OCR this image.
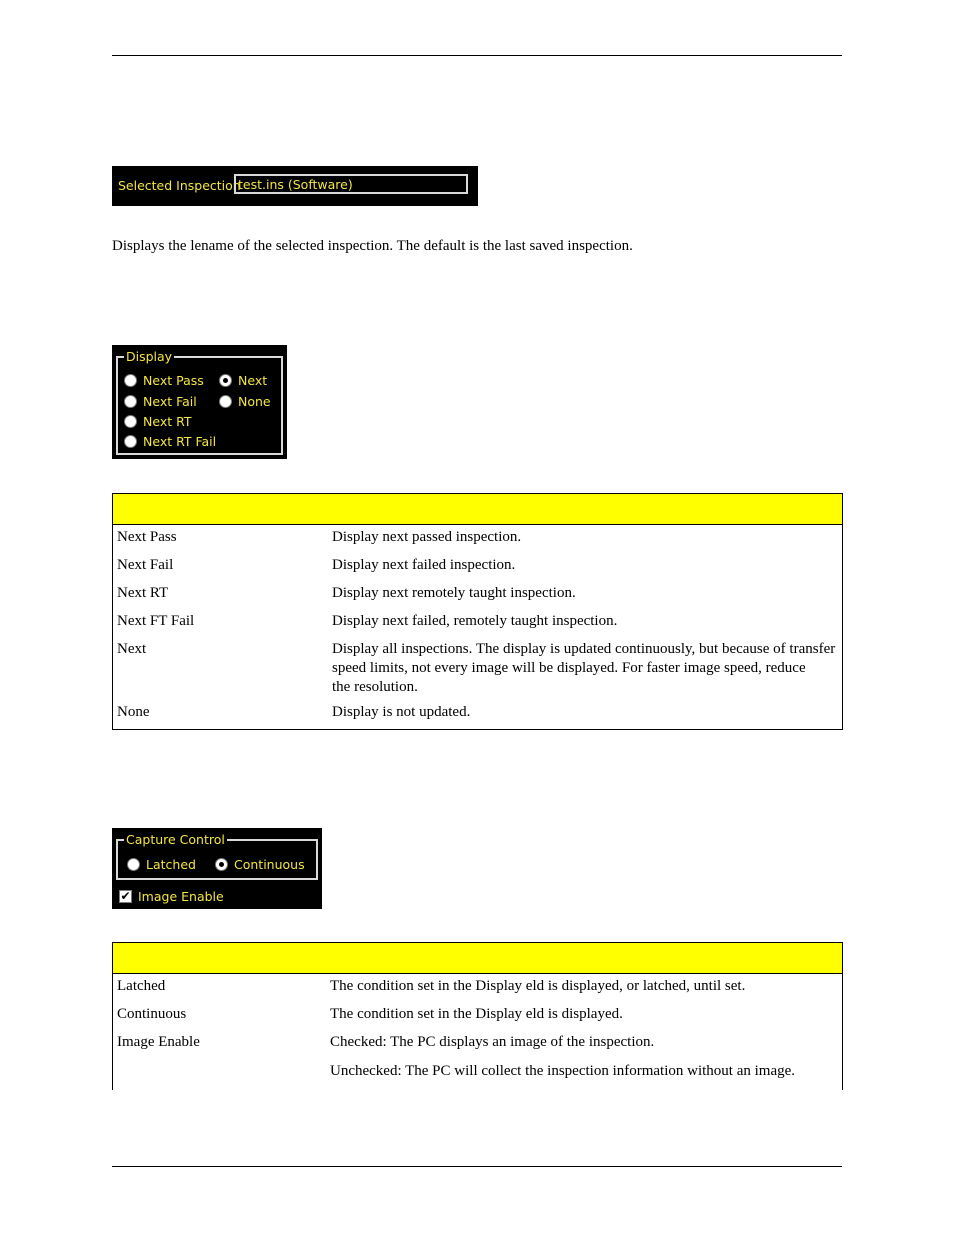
Selected Inspection
test.ins (Software)
Displays the lename of the selected inspection. The default is the last saved inspection.
Display
Next Pass
Next Fail
Next RT
Next RT Fail
Next
None
Next Pass	Display next passed inspection.
Next Fail	Display next failed inspection.
Next RT	Display next remotely taught inspection.
Next FT Fail	Display next failed, remotely taught inspection.
Next	Display all inspections. The display is updated continuously, but because of transfer
speed limits, not every image will be displayed. For faster image speed, reduce
the resolution.
None	Display is not updated.
Capture Control
Latched	Continuous
✔ Image Enable
Latched	The condition set in the Display eld is displayed, or latched, until set.
Continuous	The condition set in the Display eld is displayed.
Image Enable	Checked: The PC displays an image of the inspection.
Unchecked: The PC will collect the inspection information without an image.
